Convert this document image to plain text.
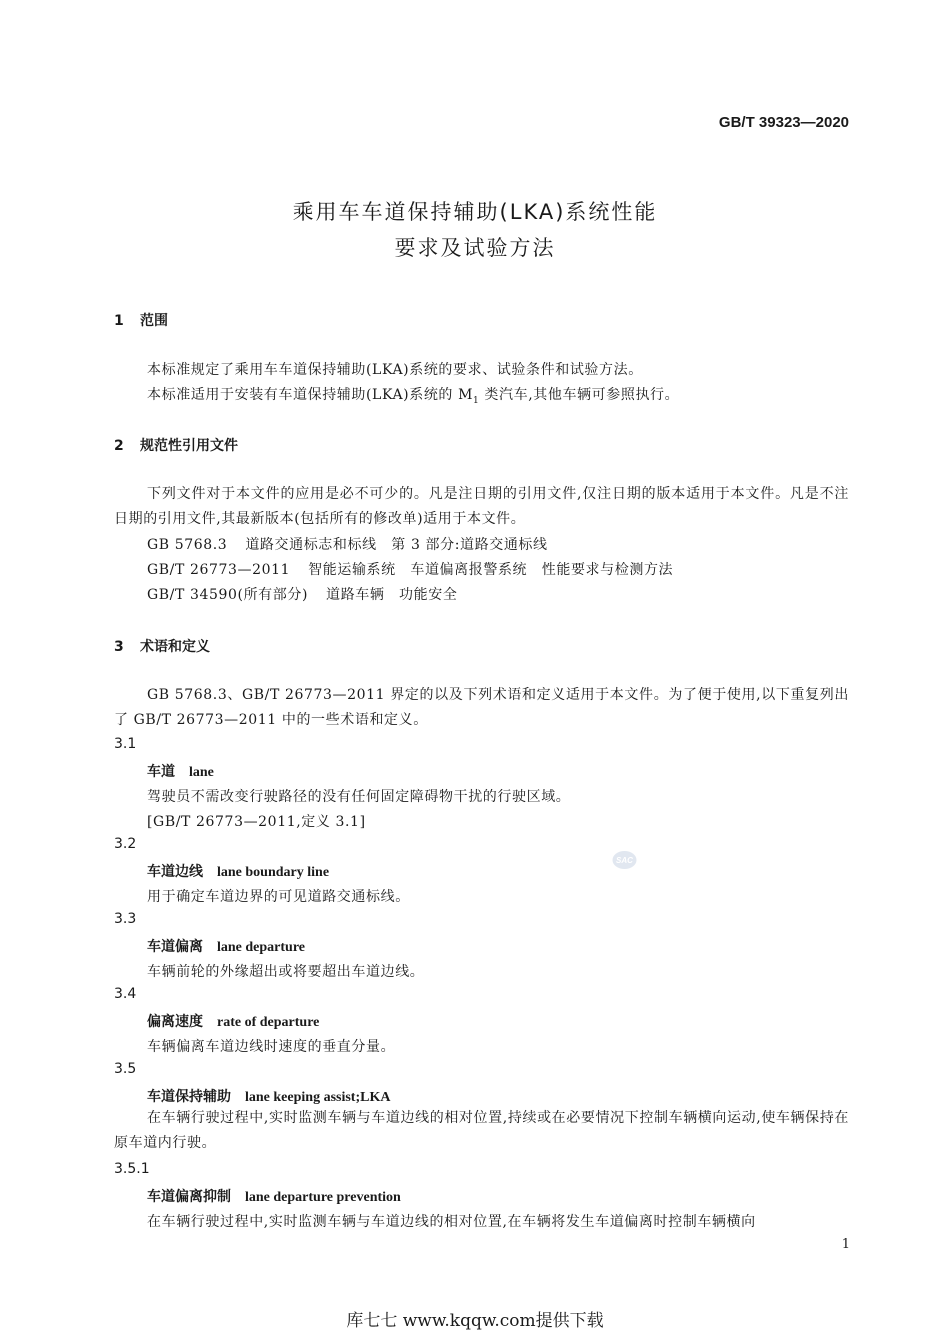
GB/T 39323—2020
乘用车车道保持辅助(LKA)系统性能
要求及试验方法
1 范围
本标准规定了乘用车车道保持辅助(LKA)系统的要求、试验条件和试验方法。
本标准适用于安装有车道保持辅助(LKA)系统的 $M_1$ 类汽车,其他车辆可参照执行。
2 规范性引用文件
下列文件对于本文件的应用是必不可少的。凡是注日期的引用文件,仅注日期的版本适用于本文件。凡是不注日期的引用文件,其最新版本(包括所有的修改单)适用于本文件。
GB 5768.3 道路交通标志和标线　第 3 部分:道路交通标线
GB/T 26773—2011 智能运输系统　车道偏离报警系统　性能要求与检测方法
GB/T 34590(所有部分) 道路车辆　功能安全
3 术语和定义
GB 5768.3、GB/T 26773—2011 界定的以及下列术语和定义适用于本文件。为了便于使用,以下重复列出了 GB/T 26773—2011 中的一些术语和定义。
3.1
车道 lane
驾驶员不需改变行驶路径的没有任何固定障碍物干扰的行驶区域。
[GB/T 26773—2011,定义 3.1]
3.2
车道边线 lane boundary line
用于确定车道边界的可见道路交通标线。
3.3
车道偏离 lane departure
车辆前轮的外缘超出或将要超出车道边线。
3.4
偏离速度 rate of departure
车辆偏离车道边线时速度的垂直分量。
3.5
车道保持辅助 lane keeping assist;LKA
在车辆行驶过程中,实时监测车辆与车道边线的相对位置,持续或在必要情况下控制车辆横向运动,使车辆保持在原车道内行驶。
3.5.1
车道偏离抑制 lane departure prevention
在车辆行驶过程中,实时监测车辆与车道边线的相对位置,在车辆将发生车道偏离时控制车辆横向
SAC
1
库七七 www.kqqw.com提供下载
